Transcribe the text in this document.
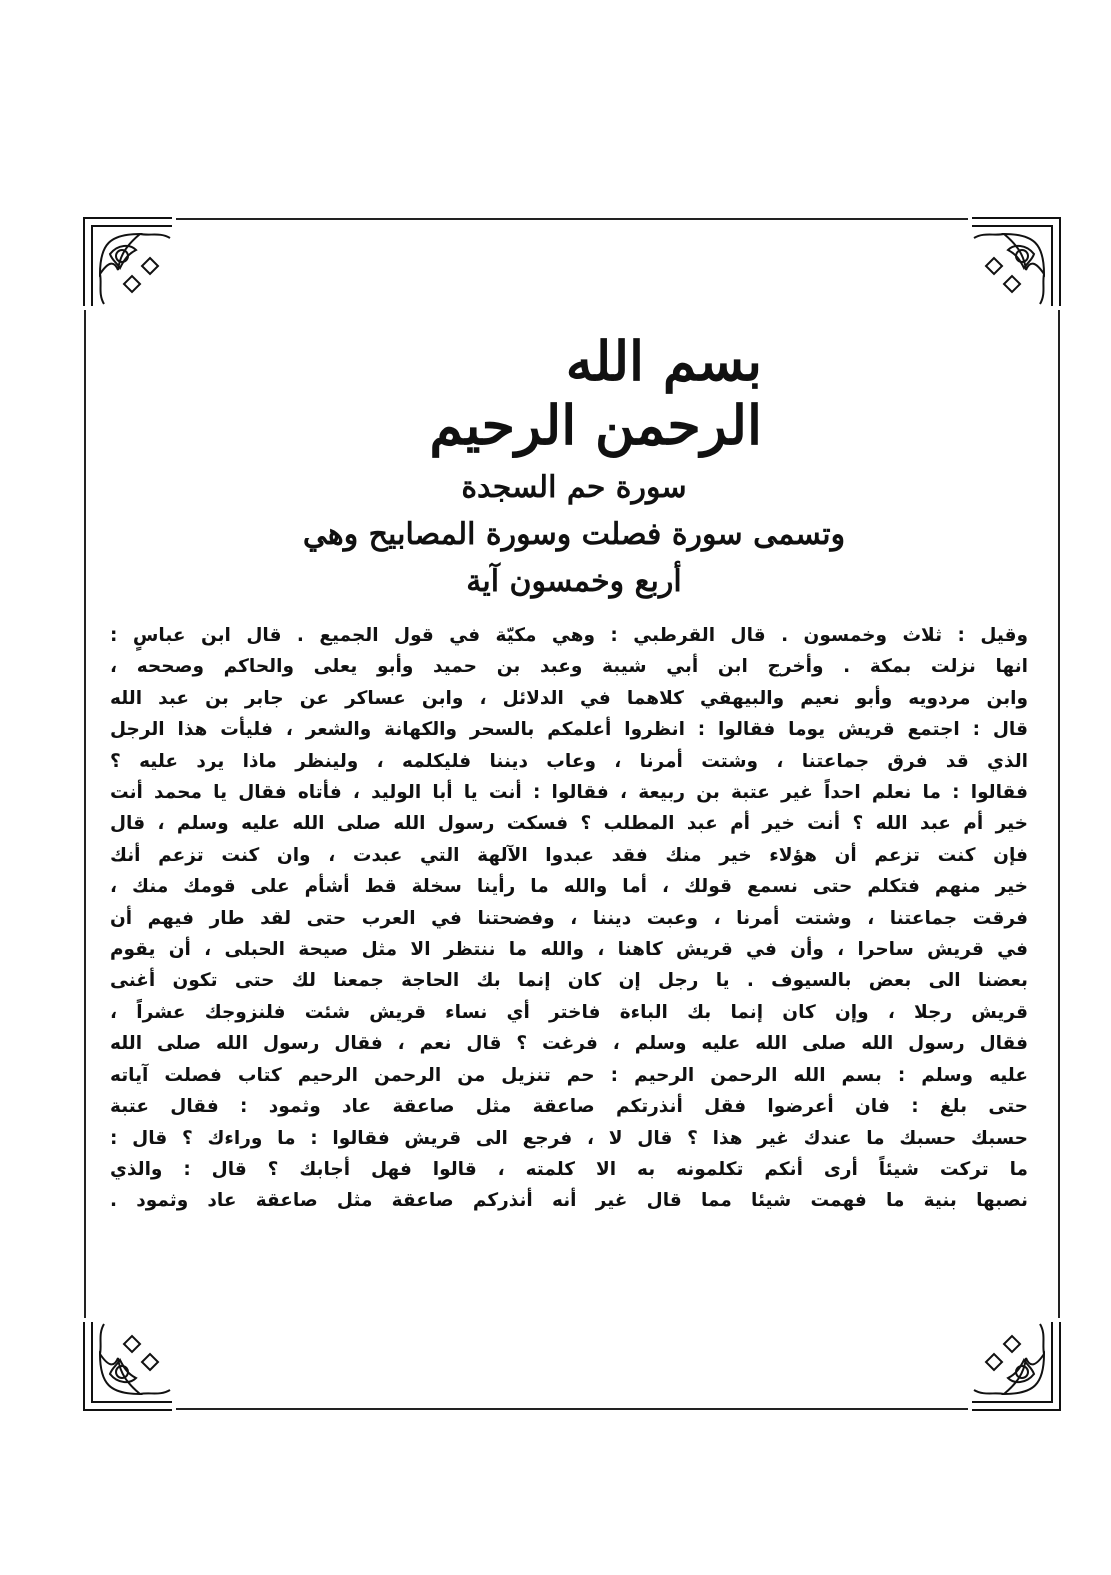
بسم الله الرحمن الرحيم
سورة حم السجدة
وتسمى سورة فصلت وسورة المصابيح وهي
أربع وخمسون آية

وقيل : ثلاث وخمسون . قال القرطبي : وهي مكيّة في قول الجميع . قال ابن عباسٍ :

انها نزلت بمكة . وأخرج ابن أبي شيبة وعبد بن حميد وأبو يعلى والحاكم وصححه ،

وابن مردويه وأبو نعيم والبيهقي كلاهما في الدلائل ، وابن عساكر عن جابر بن عبد الله

قال : اجتمع قريش يوما فقالوا : انظروا أعلمكم بالسحر والكهانة والشعر ، فليأت هذا الرجل

الذي قد فرق جماعتنا ، وشتت أمرنا ، وعاب ديننا فليكلمه ، ولينظر ماذا يرد عليه ؟

فقالوا : ما نعلم احداً غير عتبة بن ربيعة ، فقالوا : أنت يا أبا الوليد ، فأتاه فقال يا محمد أنت

خير أم عبد الله ؟ أنت خير أم عبد المطلب ؟ فسكت رسول الله صلى الله عليه وسلم ، قال

فإن كنت تزعم أن هؤلاء خير منك فقد عبدوا الآلهة التي عبدت ، وان كنت تزعم أنك

خير منهم فتكلم حتى نسمع قولك ، أما والله ما رأينا سخلة قط أشأم على قومك منك ،

فرقت جماعتنا ، وشتت أمرنا ، وعبت ديننا ، وفضحتنا في العرب حتى لقد طار فيهم أن

في قريش ساحرا ، وأن في قريش كاهنا ، والله ما ننتظر الا مثل صيحة الحبلى ، أن يقوم

بعضنا الى بعض بالسيوف . يا رجل إن كان إنما بك الحاجة جمعنا لك حتى تكون أغنى

قريش رجلا ، وإن كان إنما بك الباءة فاختر أي نساء قريش شئت فلنزوجك عشراً ،

فقال رسول الله صلى الله عليه وسلم ، فرغت ؟ قال نعم ، فقال رسول الله صلى الله

عليه وسلم : بسم الله الرحمن الرحيم : حم تنزيل من الرحمن الرحيم كتاب فصلت آياته

حتى بلغ : فان أعرضوا فقل أنذرتكم صاعقة مثل صاعقة عاد وثمود : فقال عتبة

حسبك حسبك ما عندك غير هذا ؟ قال لا ، فرجع الى قريش فقالوا : ما وراءك ؟ قال :

ما تركت شيئاً أرى أنكم تكلمونه به الا كلمته ، قالوا فهل أجابك ؟ قال : والذي

نصبها بنية ما فهمت شيئا مما قال غير أنه أنذركم صاعقة مثل صاعقة عاد وثمود .
